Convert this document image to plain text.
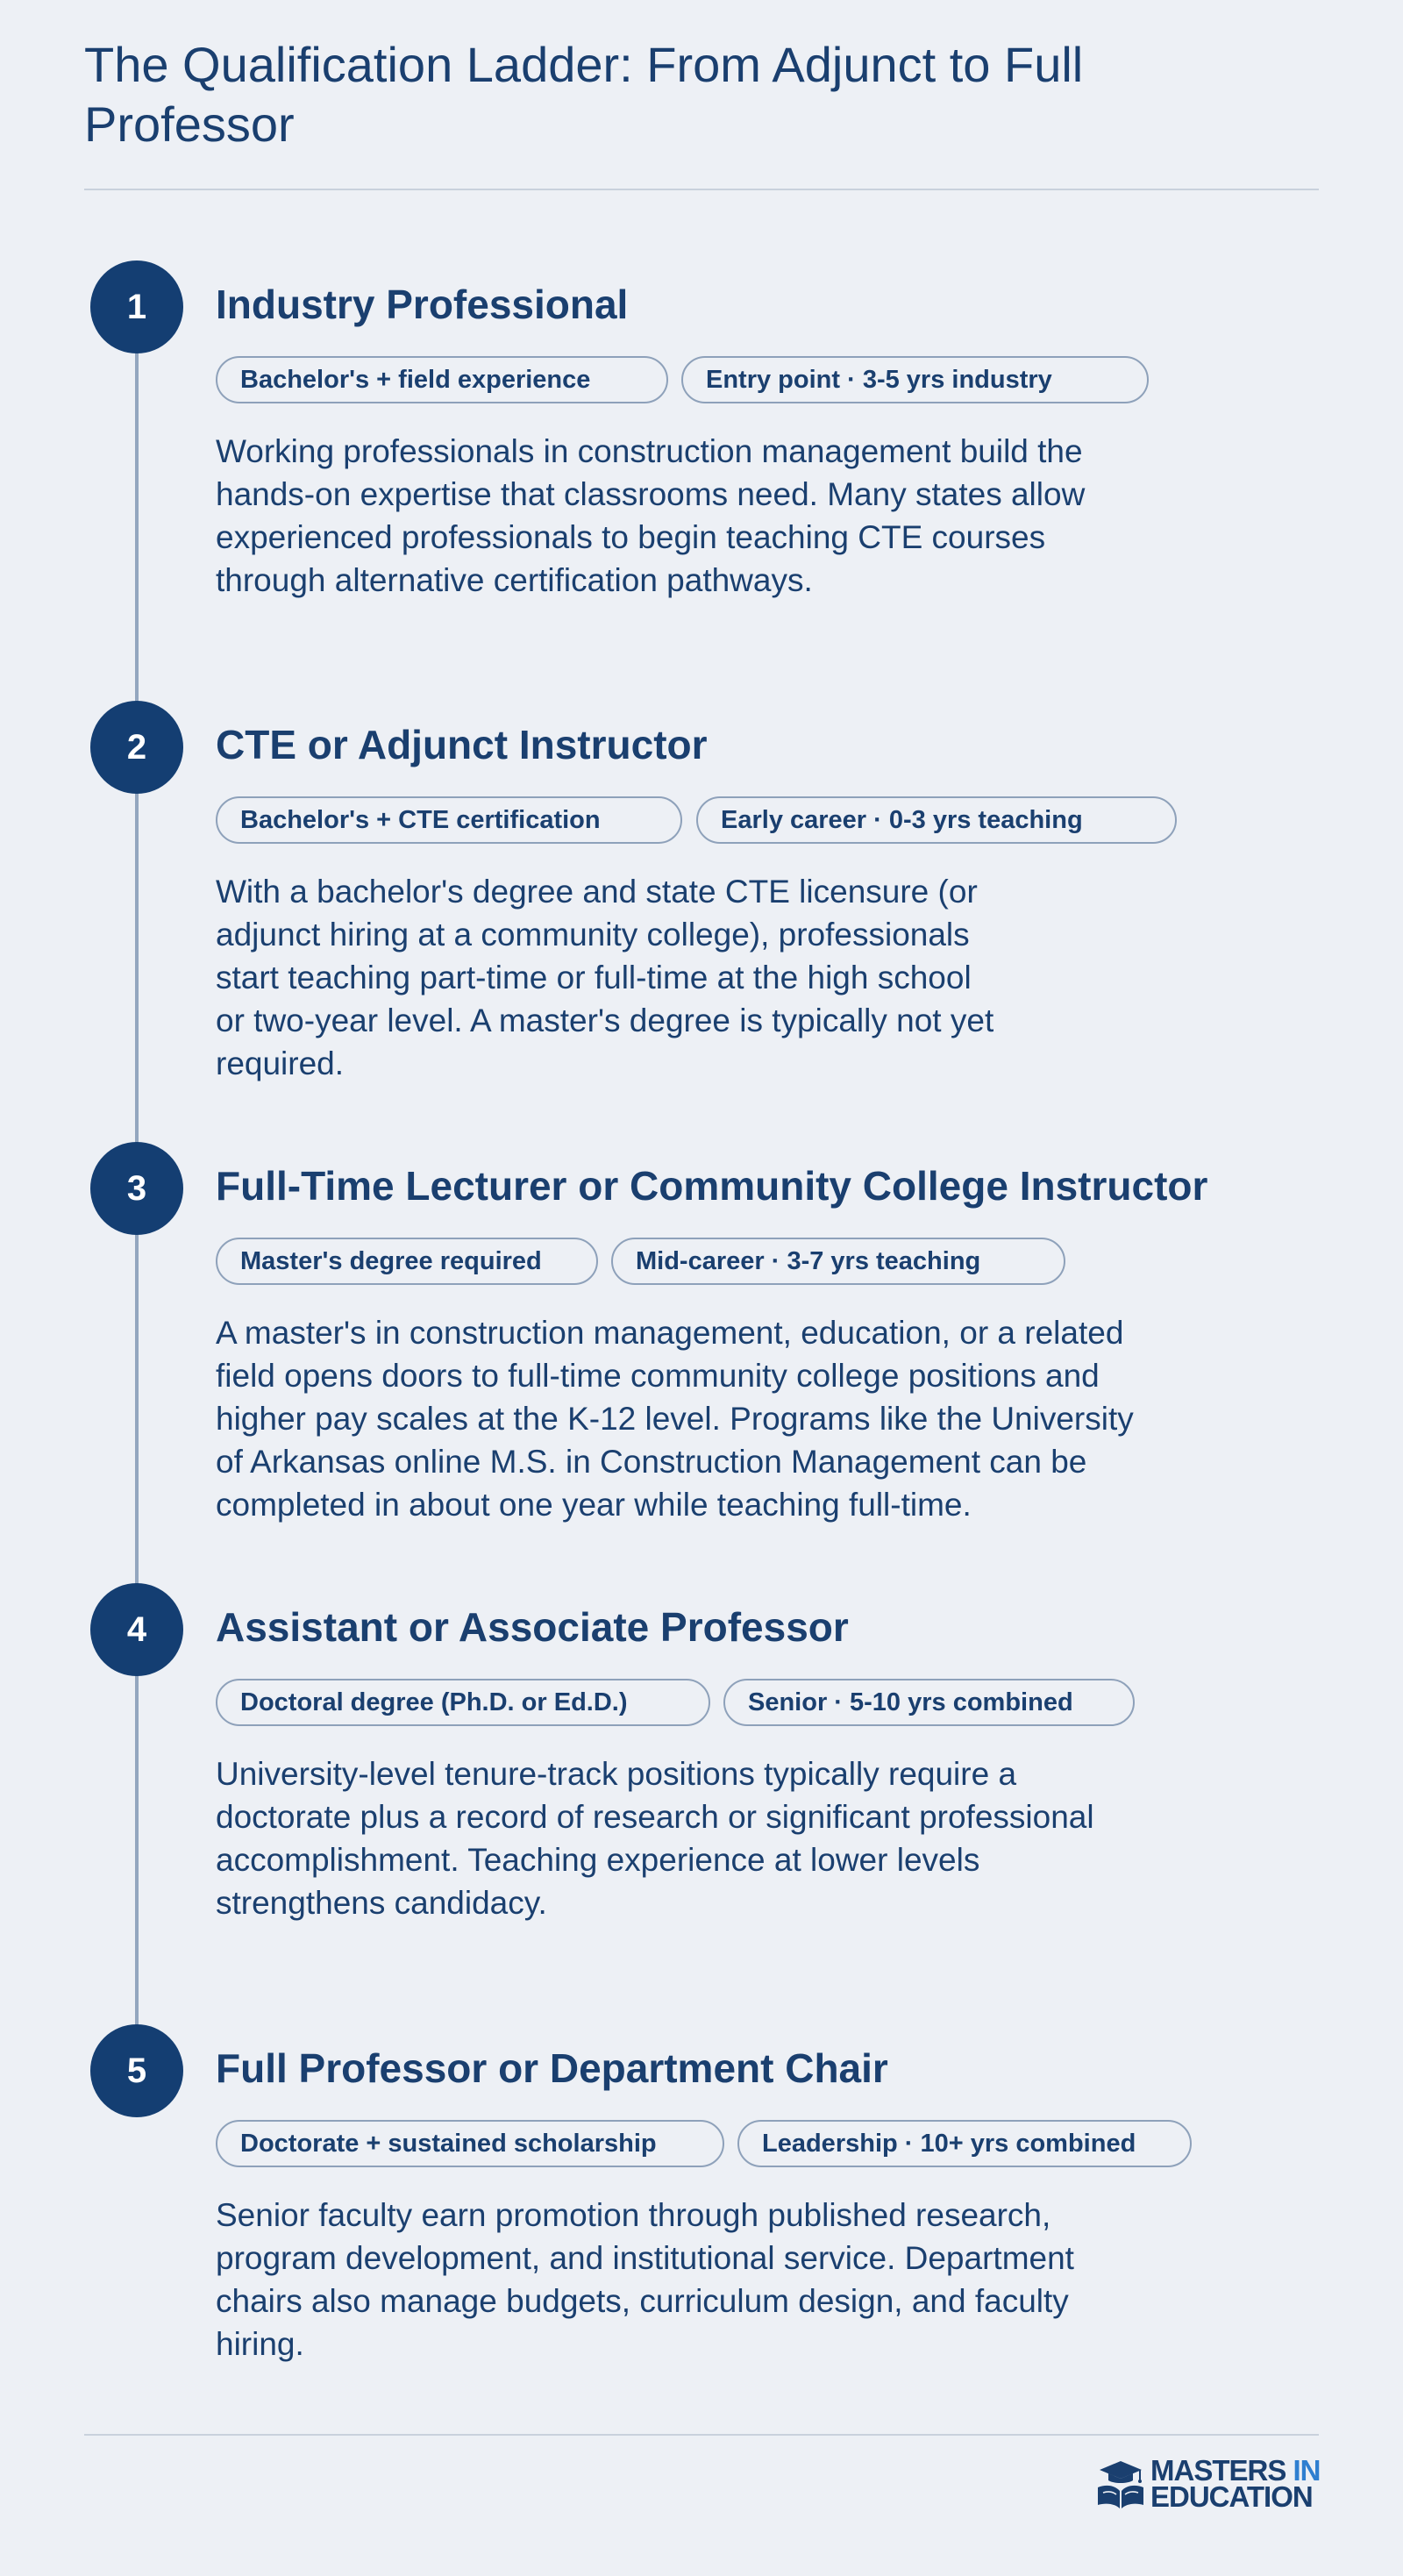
The Qualification Ladder: From Adjunct to Full Professor
1	Industry Professional
Bachelor's + field experience	Entry point · 3-5 yrs industry

Working professionals in construction management build the hands-on expertise that classrooms need. Many states allow experienced professionals to begin teaching CTE courses through alternative certification pathways.

2	CTE or Adjunct Instructor
Bachelor's + CTE certification	Early career · 0-3 yrs teaching

With a bachelor's degree and state CTE licensure (or adjunct hiring at a community college), professionals start teaching part-time or full-time at the high school or two-year level. A master's degree is typically not yet required.

3	Full-Time Lecturer or Community College Instructor
Master's degree required	Mid-career · 3-7 yrs teaching

A master's in construction management, education, or a related field opens doors to full-time community college positions and higher pay scales at the K-12 level. Programs like the University of Arkansas online M.S. in Construction Management can be completed in about one year while teaching full-time.

4	Assistant or Associate Professor
Doctoral degree (Ph.D. or Ed.D.)	Senior · 5-10 yrs combined

University-level tenure-track positions typically require a doctorate plus a record of research or significant professional accomplishment. Teaching experience at lower levels strengthens candidacy.

5	Full Professor or Department Chair
Doctorate + sustained scholarship	Leadership · 10+ yrs combined

Senior faculty earn promotion through published research, program development, and institutional service. Department chairs also manage budgets, curriculum design, and faculty hiring.

MASTERS IN
EDUCATION
